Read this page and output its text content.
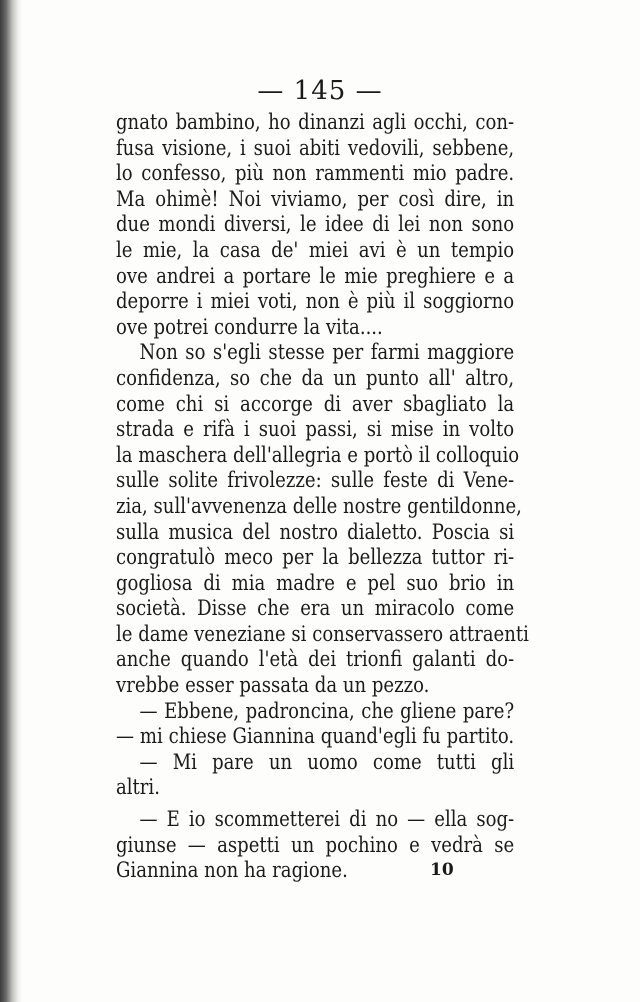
— 145 —
gnato bambino, ho dinanzi agli occhi, con-
fusa visione, i suoi abiti vedovili, sebbene,
lo confesso, più non rammenti mio padre.
Ma ohimè! Noi viviamo, per così dire, in
due mondi diversi, le idee di lei non sono
le mie, la casa de' miei avi è un tempio
ove andrei a portare le mie preghiere e a
deporre i miei voti, non è più il soggiorno
ove potrei condurre la vita....
Non so s'egli stesse per farmi maggiore
confidenza, so che da un punto all' altro,
come chi si accorge di aver sbagliato la
strada e rifà i suoi passi, si mise in volto
la maschera dell'allegria e portò il colloquio
sulle solite frivolezze: sulle feste di Vene-
zia, sull'avvenenza delle nostre gentildonne,
sulla musica del nostro dialetto. Poscia si
congratulò meco per la bellezza tuttor ri-
gogliosa di mia madre e pel suo brio in
società. Disse che era un miracolo come
le dame veneziane si conservassero attraenti
anche quando l'età dei trionfi galanti do-
vrebbe esser passata da un pezzo.
— Ebbene, padroncina, che gliene pare?
— mi chiese Giannina quand'egli fu partito.
— Mi pare un uomo come tutti gli
altri.
— E io scommetterei di no — ella sog-
giunse — aspetti un pochino e vedrà se
Giannina non ha ragione.	10
